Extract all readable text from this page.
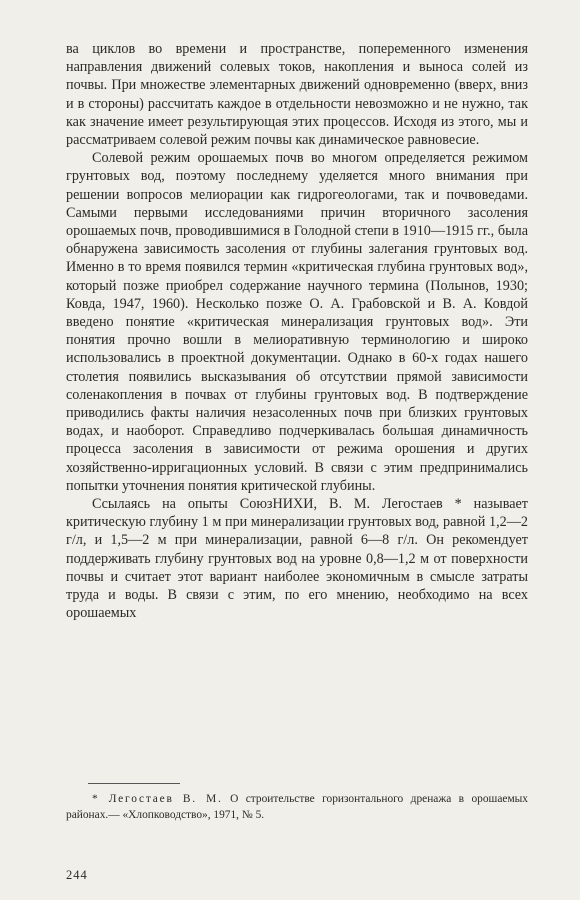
ва циклов во времени и пространстве, попеременного изменения направления движений солевых токов, накопления и выноса солей из почвы. При множестве элементарных движений одновременно (вверх, вниз и в стороны) рассчитать каждое в отдельности невозможно и не нужно, так как значение имеет результирующая этих процессов. Исходя из этого, мы и рассматриваем солевой режим почвы как динамическое равновесие.

Солевой режим орошаемых почв во многом определяется режимом грунтовых вод, поэтому последнему уделяется много внимания при решении вопросов мелиорации как гидрогеологами, так и почвоведами. Самыми первыми исследованиями причин вторичного засоления орошаемых почв, проводившимися в Голодной степи в 1910—1915 гг., была обнаружена зависимость засоления от глубины залегания грунтовых вод. Именно в то время появился термин «критическая глубина грунтовых вод», который позже приобрел содержание научного термина (Полынов, 1930; Ковда, 1947, 1960). Несколько позже О. А. Грабовской и В. А. Ковдой введено понятие «критическая минерализация грунтовых вод». Эти понятия прочно вошли в мелиоративную терминологию и широко использовались в проектной документации. Однако в 60-х годах нашего столетия появились высказывания об отсутствии прямой зависимости соленакопления в почвах от глубины грунтовых вод. В подтверждение приводились факты наличия незасоленных почв при близких грунтовых водах, и наоборот. Справедливо подчеркивалась большая динамичность процесса засоления в зависимости от режима орошения и других хозяйственно-ирригационных условий. В связи с этим предпринимались попытки уточнения понятия критической глубины.

Ссылаясь на опыты СоюзНИХИ, В. М. Легостаев * называет критическую глубину 1 м при минерализации грунтовых вод, равной 1,2—2 г/л, и 1,5—2 м при минерализации, равной 6—8 г/л. Он рекомендует поддерживать глубину грунтовых вод на уровне 0,8—1,2 м от поверхности почвы и считает этот вариант наиболее экономичным в смысле затраты труда и воды. В связи с этим, по его мнению, необходимо на всех орошаемых

* Легостаев В. М. О строительстве горизонтального дренажа в орошаемых районах.— «Хлопководство», 1971, № 5.

244
